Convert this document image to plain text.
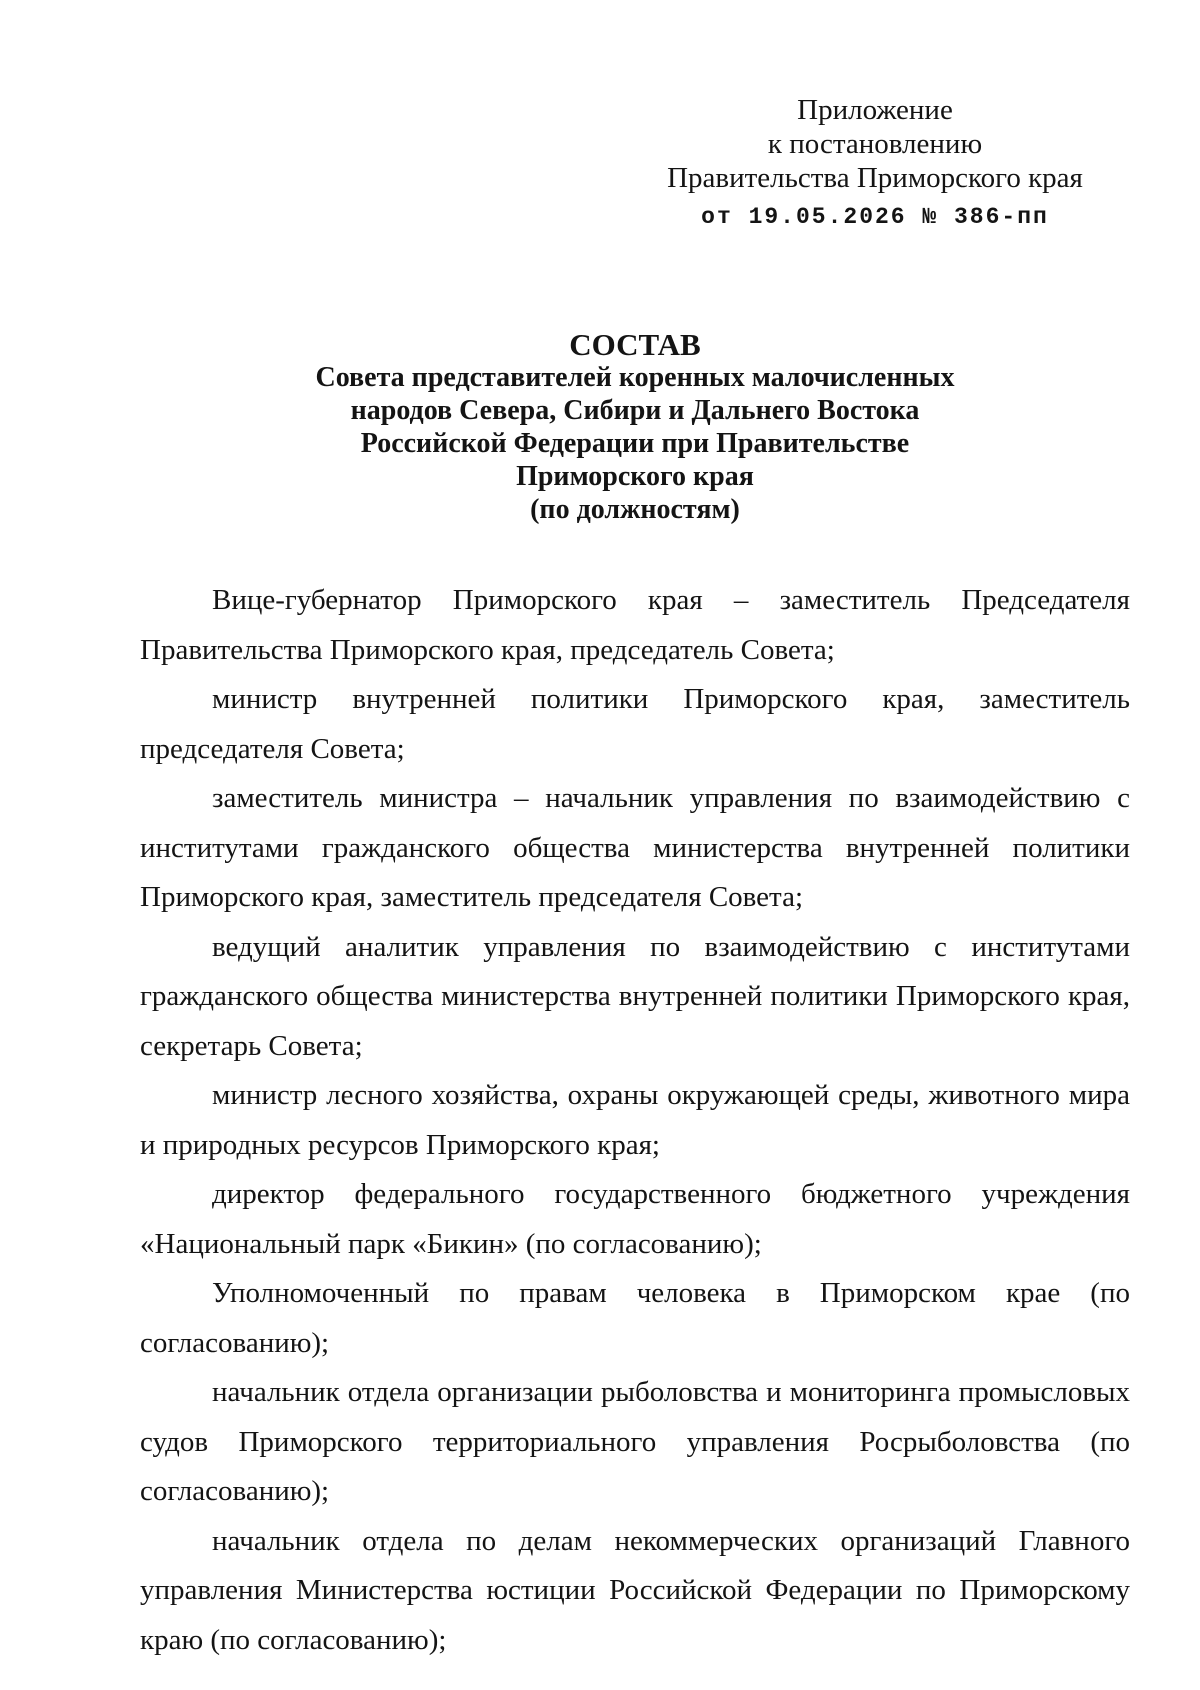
Приложение
к постановлению
Правительства Приморского края
от 19.05.2026 № 386-пп
СОСТАВ
Совета представителей коренных малочисленных
народов Севера, Сибири и Дальнего Востока
Российской Федерации при Правительстве
Приморского края
(по должностям)

Вице-губернатор Приморского края – заместитель Председателя Правительства Приморского края, председатель Совета;

министр внутренней политики Приморского края, заместитель председателя Совета;

заместитель министра – начальник управления по взаимодействию с институтами гражданского общества министерства внутренней политики Приморского края, заместитель председателя Совета;

ведущий аналитик управления по взаимодействию с институтами гражданского общества министерства внутренней политики Приморского края, секретарь Совета;

министр лесного хозяйства, охраны окружающей среды, животного мира и природных ресурсов Приморского края;

директор федерального государственного бюджетного учреждения «Национальный парк «Бикин» (по согласованию);

Уполномоченный по правам человека в Приморском крае (по согласованию);

начальник отдела организации рыболовства и мониторинга промысловых судов Приморского территориального управления Росрыболовства (по согласованию);

начальник отдела по делам некоммерческих организаций Главного управления Министерства юстиции Российской Федерации по Приморскому краю (по согласованию);
